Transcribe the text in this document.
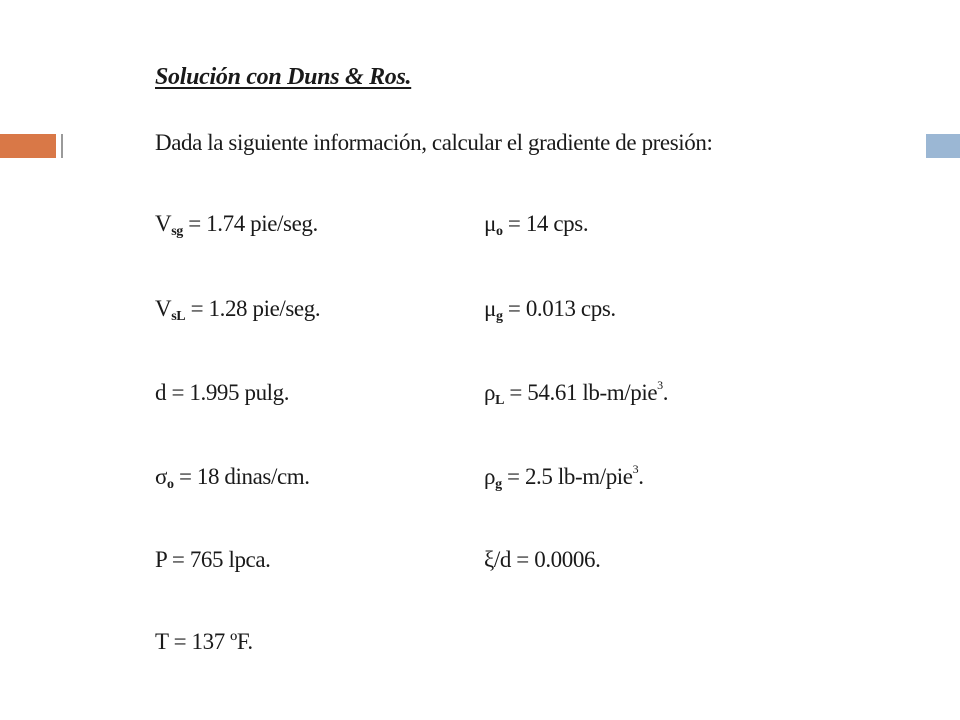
Solución con Duns & Ros.
Dada la siguiente información, calcular el gradiente de presión:
$V_{sg} = 1.74$ pie/seg.
$V_{sL} = 1.28$ pie/seg.
d = 1.995 pulg.
$\sigma_o = 18$ dinas/cm.
P = 765 lpca.
T = 137 ºF.
$\mu_o = 14$ cps.
$\mu_g = 0.013$ cps.
$\rho_L = 54.61$ lb-m/pie$^3$.
$\rho_g = 2.5$ lb-m/pie$^3$.
ξ/d = 0.0006.
